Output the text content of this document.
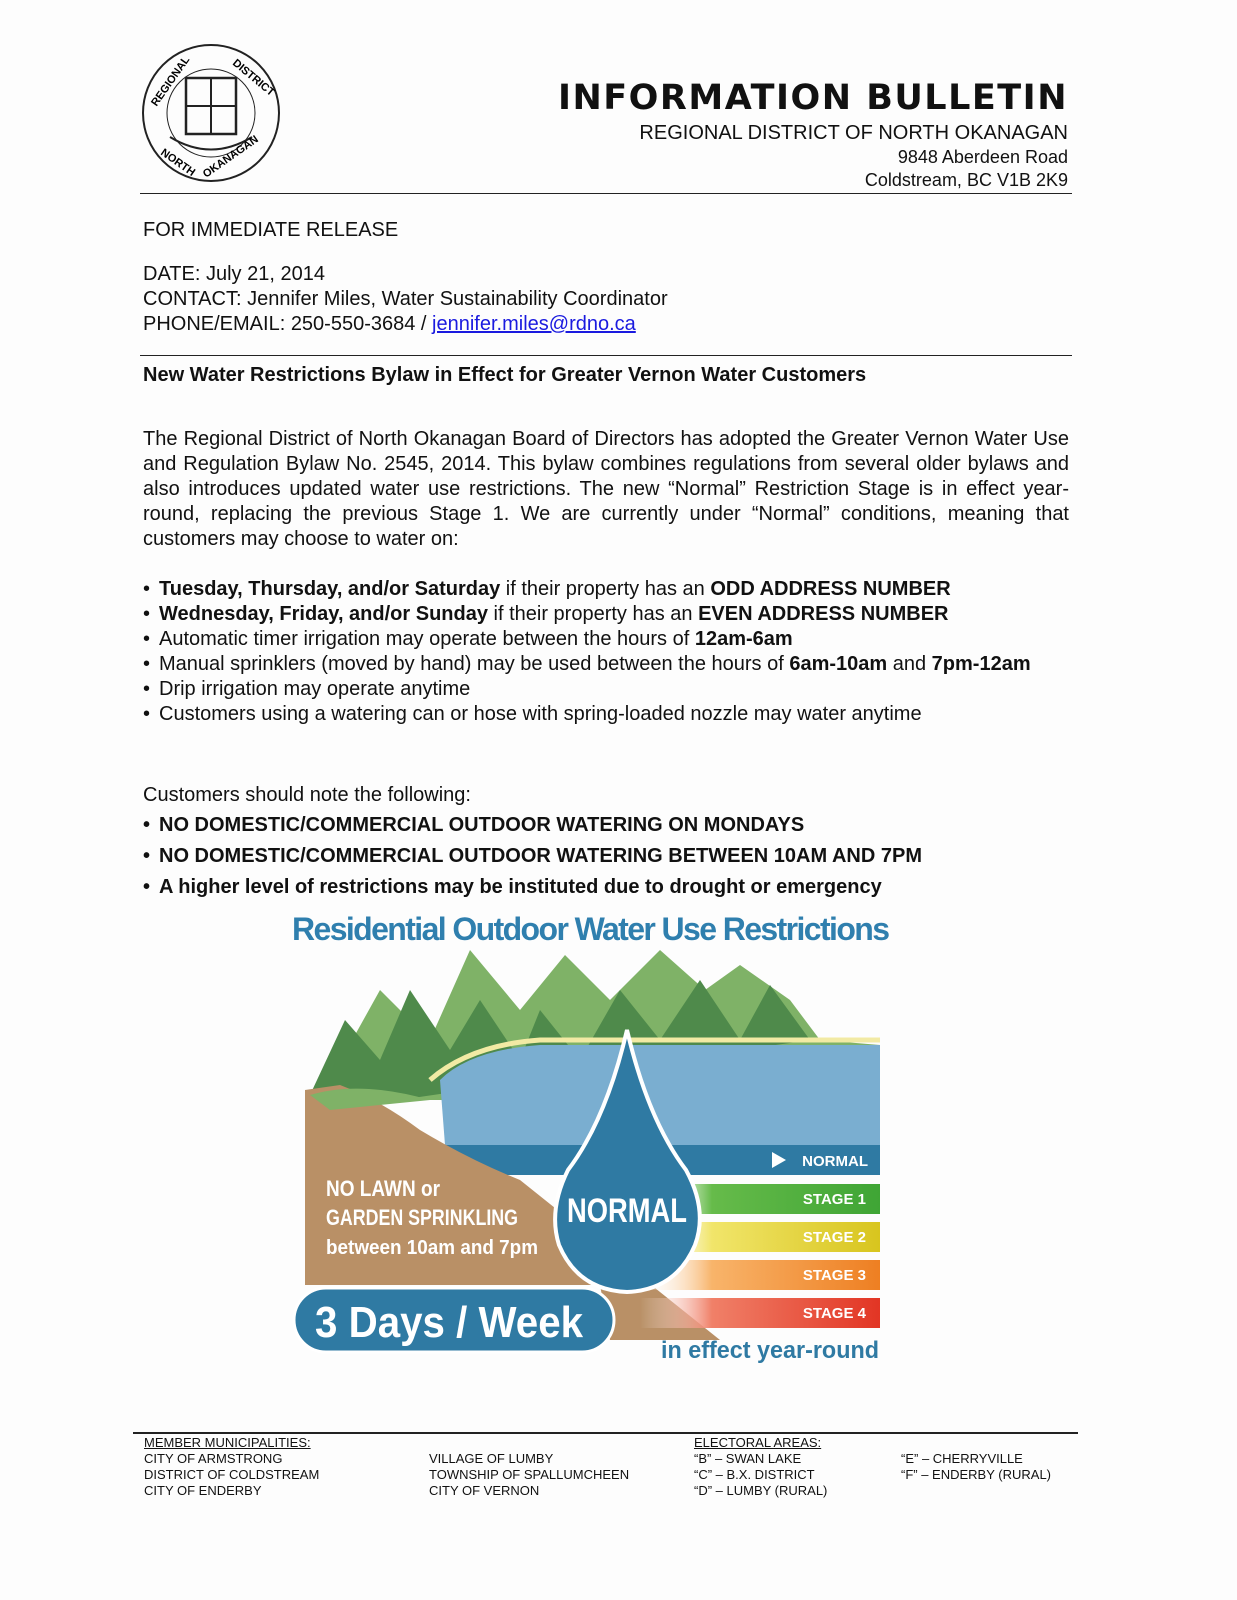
REGIONAL	DISTRICT
NORTH OKANAGAN
INFORMATION BULLETIN
REGIONAL DISTRICT OF NORTH OKANAGAN
9848 Aberdeen Road
Coldstream, BC V1B 2K9
FOR IMMEDIATE RELEASE
DATE: July 21, 2014
CONTACT: Jennifer Miles, Water Sustainability Coordinator
PHONE/EMAIL: 250-550-3684 / jennifer.miles@rdno.ca
New Water Restrictions Bylaw in Effect for Greater Vernon Water Customers
The Regional District of North Okanagan Board of Directors has adopted the Greater Vernon Water Use and Regulation Bylaw No. 2545, 2014. This bylaw combines regulations from several older bylaws and also introduces updated water use restrictions. The new “Normal” Restriction Stage is in effect year-round, replacing the previous Stage 1. We are currently under “Normal” conditions, meaning that customers may choose to water on:
• Tuesday, Thursday, and/or Saturday if their property has an ODD ADDRESS NUMBER
• Wednesday, Friday, and/or Sunday if their property has an EVEN ADDRESS NUMBER
• Automatic timer irrigation may operate between the hours of 12am-6am
• Manual sprinklers (moved by hand) may be used between the hours of 6am-10am and 7pm-12am
• Drip irrigation may operate anytime
• Customers using a watering can or hose with spring-loaded nozzle may water anytime
Customers should note the following:
• NO DOMESTIC/COMMERCIAL OUTDOOR WATERING ON MONDAYS
• NO DOMESTIC/COMMERCIAL OUTDOOR WATERING BETWEEN 10AM AND 7PM
• A higher level of restrictions may be instituted due to drought or emergency
Residential Outdoor Water Use Restrictions
NORMAL
STAGE 1
STAGE 2
STAGE 3
STAGE 4
NORMAL
NO LAWN or
GARDEN SPRINKLING
between 10am and 7pm
3 Days / Week
in effect year-round
MEMBER MUNICIPALITIES:
CITY OF ARMSTRONG
DISTRICT OF COLDSTREAM
CITY OF ENDERBY
VILLAGE OF LUMBY
TOWNSHIP OF SPALLUMCHEEN
CITY OF VERNON
ELECTORAL AREAS:
“B” – SWAN LAKE
“C” – B.X. DISTRICT
“D” – LUMBY (RURAL)
“E” – CHERRYVILLE
“F” – ENDERBY (RURAL)
